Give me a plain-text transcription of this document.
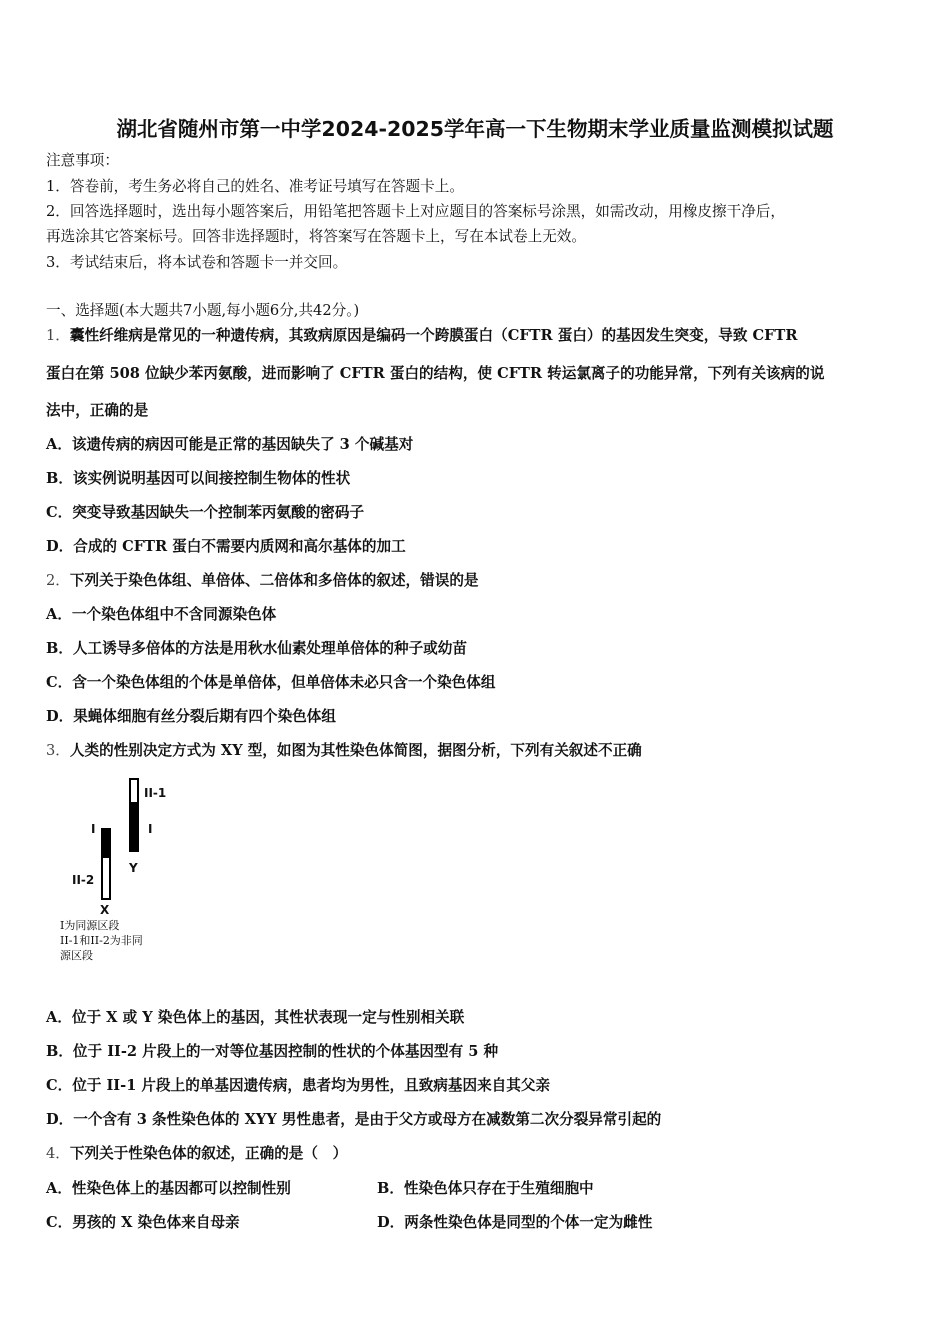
湖北省随州市第一中学2024-2025学年高一下生物期末学业质量监测模拟试题
注意事项：
1．答卷前，考生务必将自己的姓名、准考证号填写在答题卡上。
2．回答选择题时，选出每小题答案后，用铅笔把答题卡上对应题目的答案标号涂黑，如需改动，用橡皮擦干净后，
再选涂其它答案标号。回答非选择题时，将答案写在答题卡上，写在本试卷上无效。
3．考试结束后，将本试卷和答题卡一并交回。
一、选择题(本大题共7小题,每小题6分,共42分。)
1．囊性纤维病是常见的一种遗传病，其致病原因是编码一个跨膜蛋白（CFTR 蛋白）的基因发生突变，导致 CFTR
蛋白在第 508 位缺少苯丙氨酸，进而影响了 CFTR 蛋白的结构，使 CFTR 转运氯离子的功能异常，下列有关该病的说
法中，正确的是
A．该遗传病的病因可能是正常的基因缺失了 3 个碱基对
B．该实例说明基因可以间接控制生物体的性状
C．突变导致基因缺失一个控制苯丙氨酸的密码子
D．合成的 CFTR 蛋白不需要内质网和高尔基体的加工
2．下列关于染色体组、单倍体、二倍体和多倍体的叙述，错误的是
A．一个染色体组中不含同源染色体
B．人工诱导多倍体的方法是用秋水仙素处理单倍体的种子或幼苗
C．含一个染色体组的个体是单倍体，但单倍体未必只含一个染色体组
D．果蝇体细胞有丝分裂后期有四个染色体组
3．人类的性别决定方式为 XY 型，如图为其性染色体简图，据图分析，下列有关叙述不正确
II-1
I	I
Y
II-2
X
I为同源区段
II-1和II-2为非同
源区段
A．位于 X 或 Y 染色体上的基因，其性状表现一定与性别相关联
B．位于 II-2 片段上的一对等位基因控制的性状的个体基因型有 5 种
C．位于 II-1 片段上的单基因遗传病，患者均为男性，且致病基因来自其父亲
D．一个含有 3 条性染色体的 XYY 男性患者，是由于父方或母方在减数第二次分裂异常引起的
4．下列关于性染色体的叙述，正确的是（　）
A．性染色体上的基因都可以控制性别	B．性染色体只存在于生殖细胞中
C．男孩的 X 染色体来自母亲	D．两条性染色体是同型的个体一定为雌性
